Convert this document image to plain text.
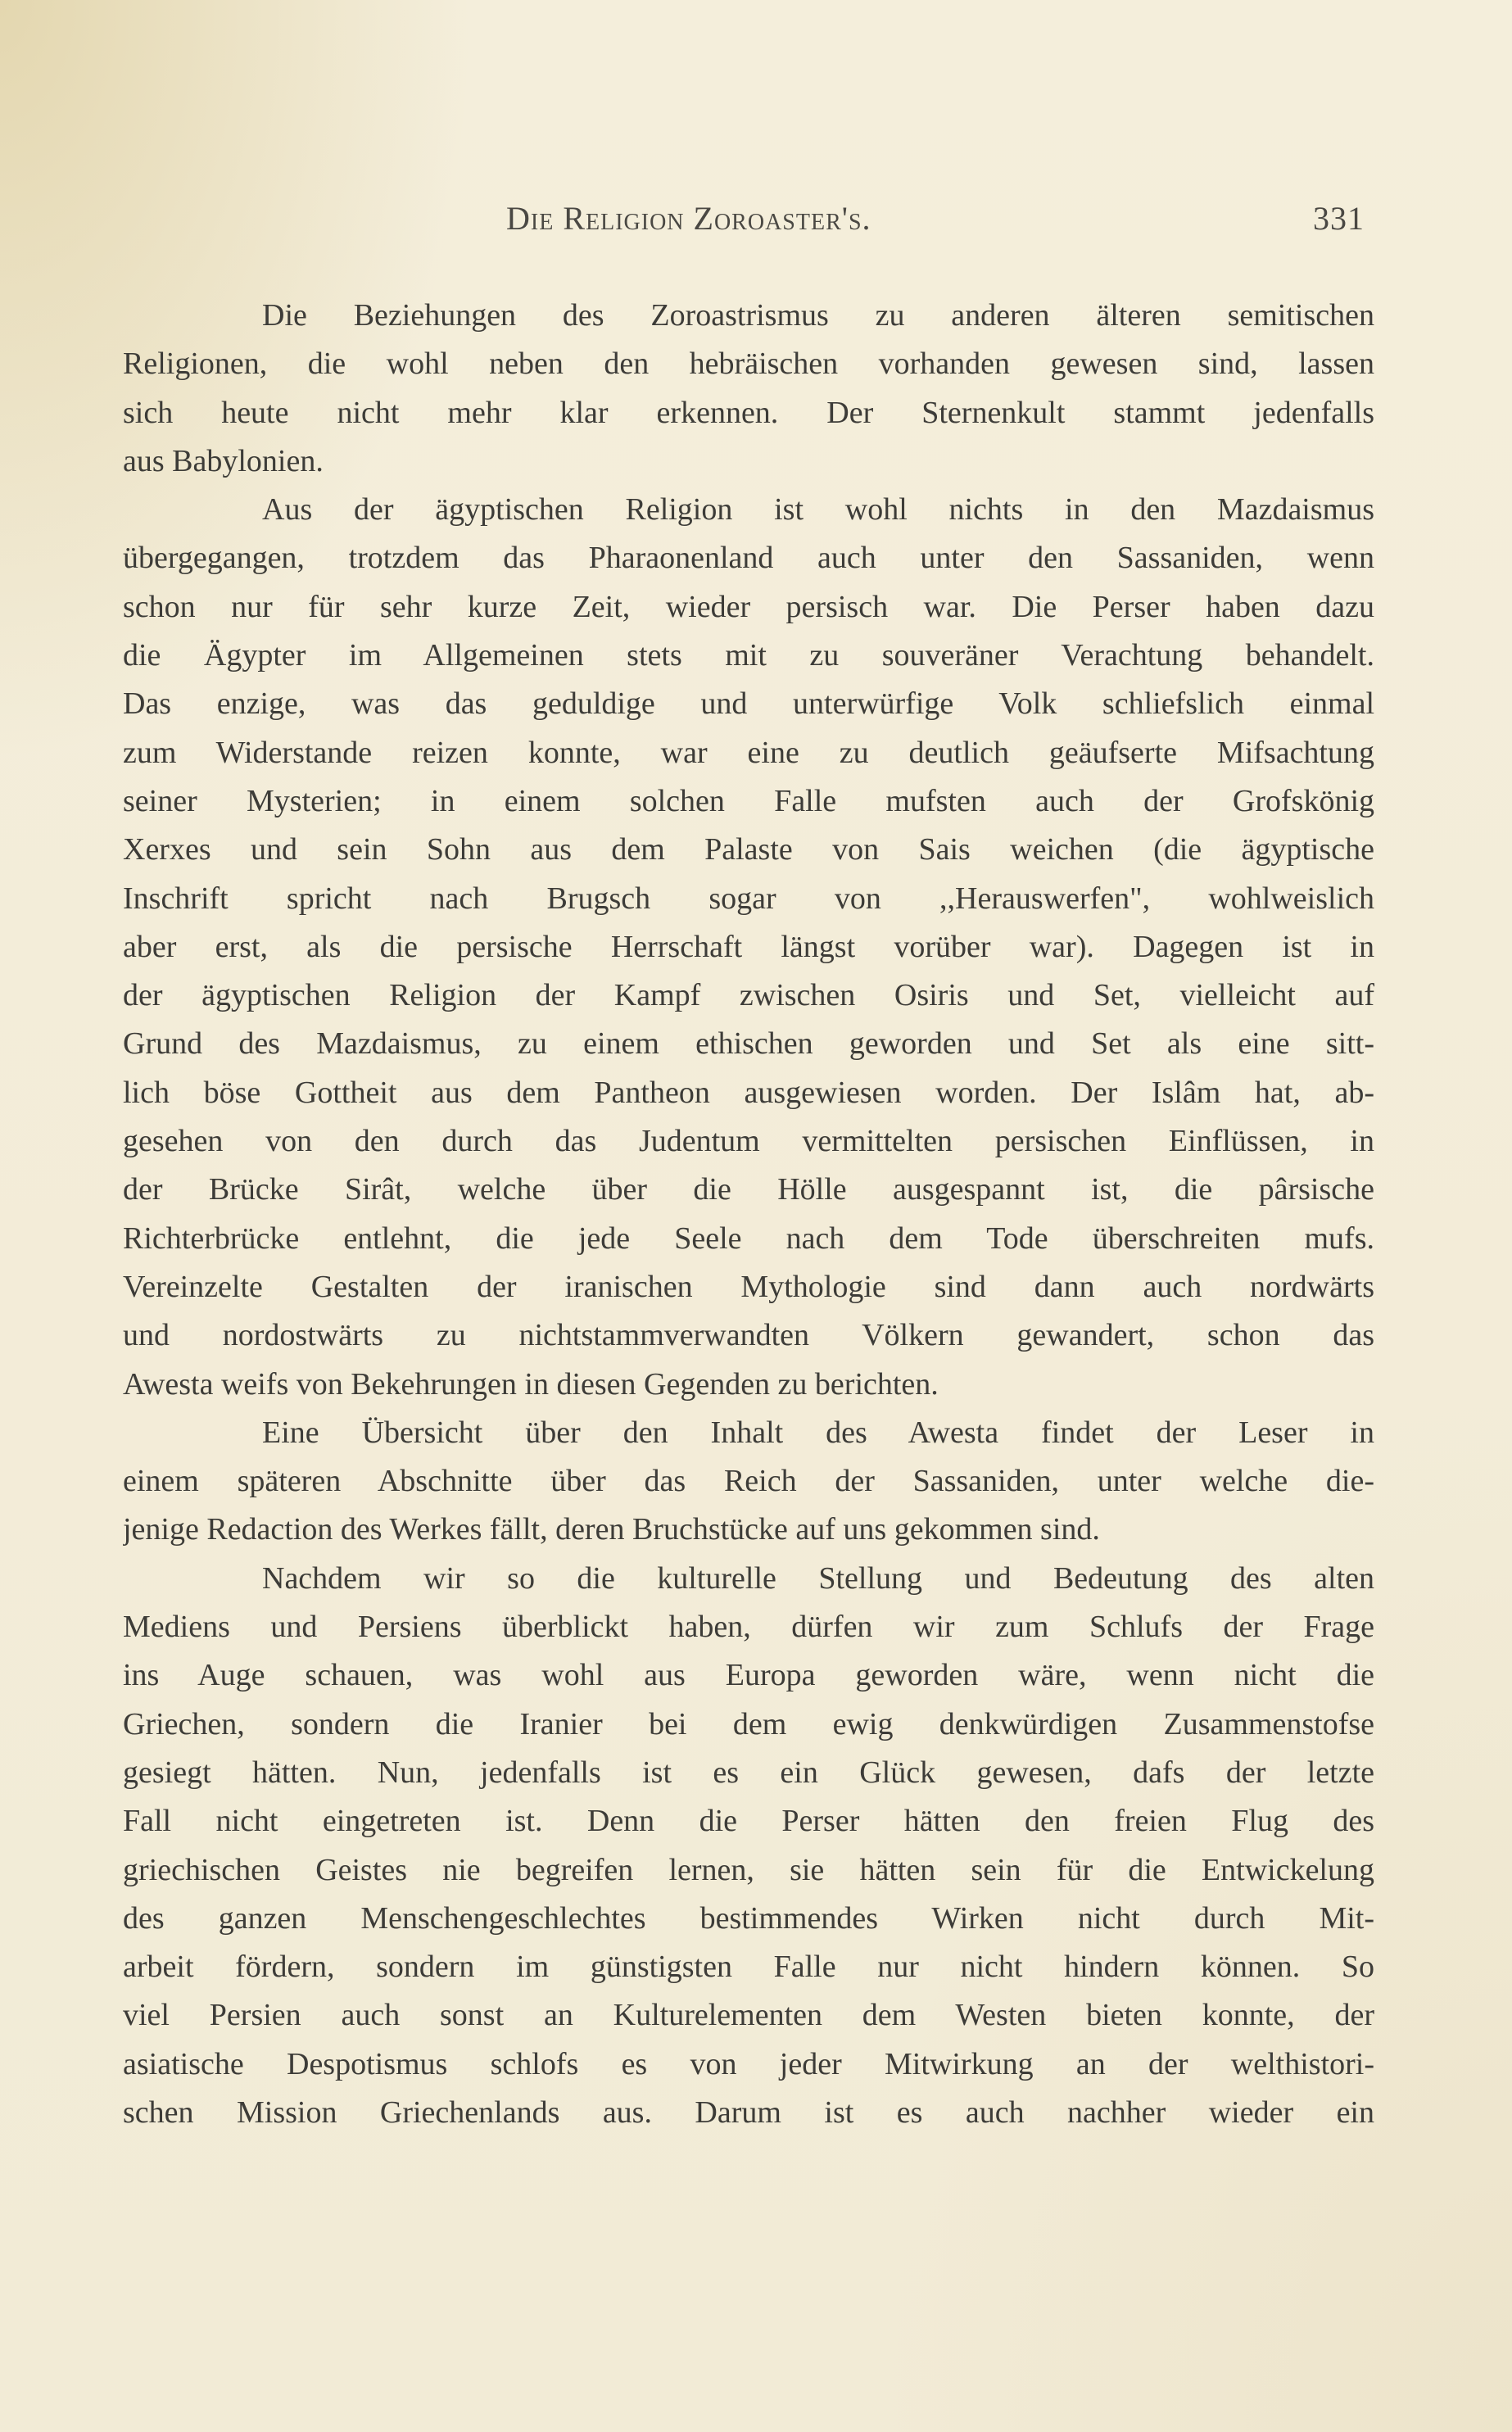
Die Religion Zoroaster's.	331
Die Beziehungen des Zoroastrismus zu anderen älteren semitischen
Religionen, die wohl neben den hebräischen vorhanden gewesen sind, lassen
sich heute nicht mehr klar erkennen. Der Sternenkult stammt jedenfalls
aus Babylonien.
Aus der ägyptischen Religion ist wohl nichts in den Mazdaismus
übergegangen, trotzdem das Pharaonenland auch unter den Sassaniden, wenn
schon nur für sehr kurze Zeit, wieder persisch war. Die Perser haben dazu
die Ägypter im Allgemeinen stets mit zu souveräner Verachtung behandelt.
Das enzige, was das geduldige und unterwürfige Volk schliefslich einmal
zum Widerstande reizen konnte, war eine zu deutlich geäufserte Mifsachtung
seiner Mysterien; in einem solchen Falle mufsten auch der Grofskönig
Xerxes und sein Sohn aus dem Palaste von Sais weichen (die ägyptische
Inschrift spricht nach Brugsch sogar von ,,Herauswerfen", wohlweislich
aber erst, als die persische Herrschaft längst vorüber war). Dagegen ist in
der ägyptischen Religion der Kampf zwischen Osiris und Set, vielleicht auf
Grund des Mazdaismus, zu einem ethischen geworden und Set als eine sitt-
lich böse Gottheit aus dem Pantheon ausgewiesen worden. Der Islâm hat, ab-
gesehen von den durch das Judentum vermittelten persischen Einflüssen, in
der Brücke Sirât, welche über die Hölle ausgespannt ist, die pârsische
Richterbrücke entlehnt, die jede Seele nach dem Tode überschreiten mufs.
Vereinzelte Gestalten der iranischen Mythologie sind dann auch nordwärts
und nordostwärts zu nichtstammverwandten Völkern gewandert, schon das
Awesta weifs von Bekehrungen in diesen Gegenden zu berichten.
Eine Übersicht über den Inhalt des Awesta findet der Leser in
einem späteren Abschnitte über das Reich der Sassaniden, unter welche die-
jenige Redaction des Werkes fällt, deren Bruchstücke auf uns gekommen sind.
Nachdem wir so die kulturelle Stellung und Bedeutung des alten
Mediens und Persiens überblickt haben, dürfen wir zum Schlufs der Frage
ins Auge schauen, was wohl aus Europa geworden wäre, wenn nicht die
Griechen, sondern die Iranier bei dem ewig denkwürdigen Zusammenstofse
gesiegt hätten. Nun, jedenfalls ist es ein Glück gewesen, dafs der letzte
Fall nicht eingetreten ist. Denn die Perser hätten den freien Flug des
griechischen Geistes nie begreifen lernen, sie hätten sein für die Entwickelung
des ganzen Menschengeschlechtes bestimmendes Wirken nicht durch Mit-
arbeit fördern, sondern im günstigsten Falle nur nicht hindern können. So
viel Persien auch sonst an Kulturelementen dem Westen bieten konnte, der
asiatische Despotismus schlofs es von jeder Mitwirkung an der welthistori-
schen Mission Griechenlands aus. Darum ist es auch nachher wieder ein
